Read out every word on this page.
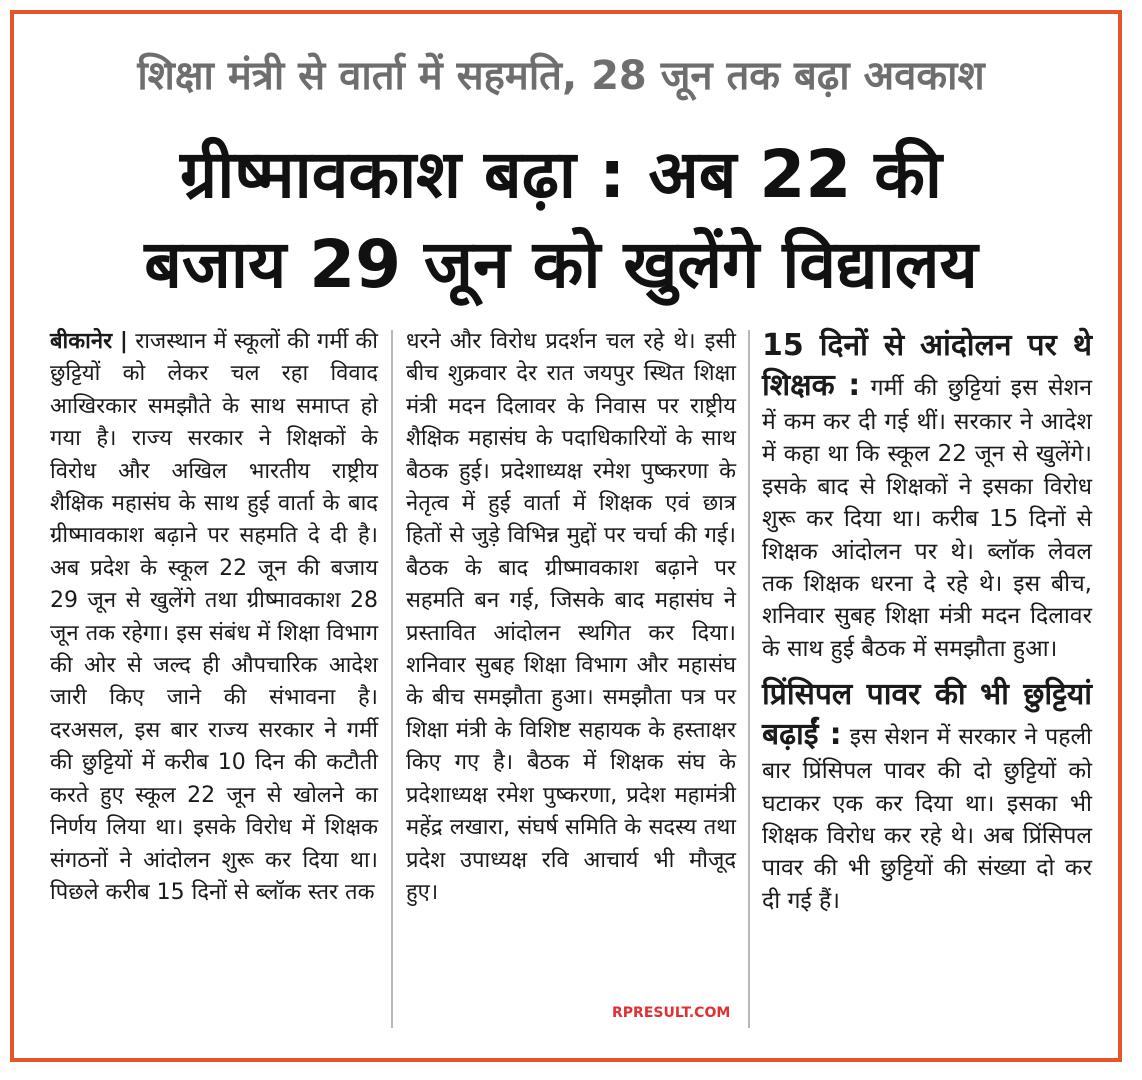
शिक्षा मंत्री से वार्ता में सहमति, 28 जून तक बढ़ा अवकाश
ग्रीष्मावकाश बढ़ा : अब 22 की
बजाय 29 जून को खुलेंगे विद्यालय
बीकानेर | राजस्थान में स्कूलों की गर्मी की छुट्टियों को लेकर चल रहा विवाद आखिरकार समझौते के साथ समाप्त हो गया है। राज्य सरकार ने शिक्षकों के विरोध और अखिल भारतीय राष्ट्रीय शैक्षिक महासंघ के साथ हुई वार्ता के बाद ग्रीष्मावकाश बढ़ाने पर सहमति दे दी है। अब प्रदेश के स्कूल 22 जून की बजाय 29 जून से खुलेंगे तथा ग्रीष्मावकाश 28 जून तक रहेगा। इस संबंध में शिक्षा विभाग की ओर से जल्द ही औपचारिक आदेश जारी किए जाने की संभावना है। दरअसल, इस बार राज्य सरकार ने गर्मी की छुट्टियों में करीब 10 दिन की कटौती करते हुए स्कूल 22 जून से खोलने का निर्णय लिया था। इसके विरोध में शिक्षक संगठनों ने आंदोलन शुरू कर दिया था। पिछले करीब 15 दिनों से ब्लॉक स्तर तक
धरने और विरोध प्रदर्शन चल रहे थे। इसी बीच शुक्रवार देर रात जयपुर स्थित शिक्षा मंत्री मदन दिलावर के निवास पर राष्ट्रीय शैक्षिक महासंघ के पदाधिकारियों के साथ बैठक हुई। प्रदेशाध्यक्ष रमेश पुष्करणा के नेतृत्व में हुई वार्ता में शिक्षक एवं छात्र हितों से जुड़े विभिन्न मुद्दों पर चर्चा की गई। बैठक के बाद ग्रीष्मावकाश बढ़ाने पर सहमति बन गई, जिसके बाद महासंघ ने प्रस्तावित आंदोलन स्थगित कर दिया। शनिवार सुबह शिक्षा विभाग और महासंघ के बीच समझौता हुआ। समझौता पत्र पर शिक्षा मंत्री के विशिष्ट सहायक के हस्ताक्षर किए गए है। बैठक में शिक्षक संघ के प्रदेशाध्यक्ष रमेश पुष्करणा, प्रदेश महामंत्री महेंद्र लखारा, संघर्ष समिति के सदस्य तथा प्रदेश उपाध्यक्ष रवि आचार्य भी मौजूद हुए।
15 दिनों से आंदोलन पर थे शिक्षक : गर्मी की छुट्टियां इस सेशन में कम कर दी गई थीं। सरकार ने आदेश में कहा था कि स्कूल 22 जून से खुलेंगे। इसके बाद से शिक्षकों ने इसका विरोध शुरू कर दिया था। करीब 15 दिनों से शिक्षक आंदोलन पर थे। ब्लॉक लेवल तक शिक्षक धरना दे रहे थे। इस बीच, शनिवार सुबह शिक्षा मंत्री मदन दिलावर के साथ हुई बैठक में समझौता हुआ।
प्रिंसिपल पावर की भी छुट्टियां बढ़ाईं : इस सेशन में सरकार ने पहली बार प्रिंसिपल पावर की दो छुट्टियों को घटाकर एक कर दिया था। इसका भी शिक्षक विरोध कर रहे थे। अब प्रिंसिपल पावर की भी छुट्टियों की संख्या दो कर दी गई हैं।
RPRESULT.COM
